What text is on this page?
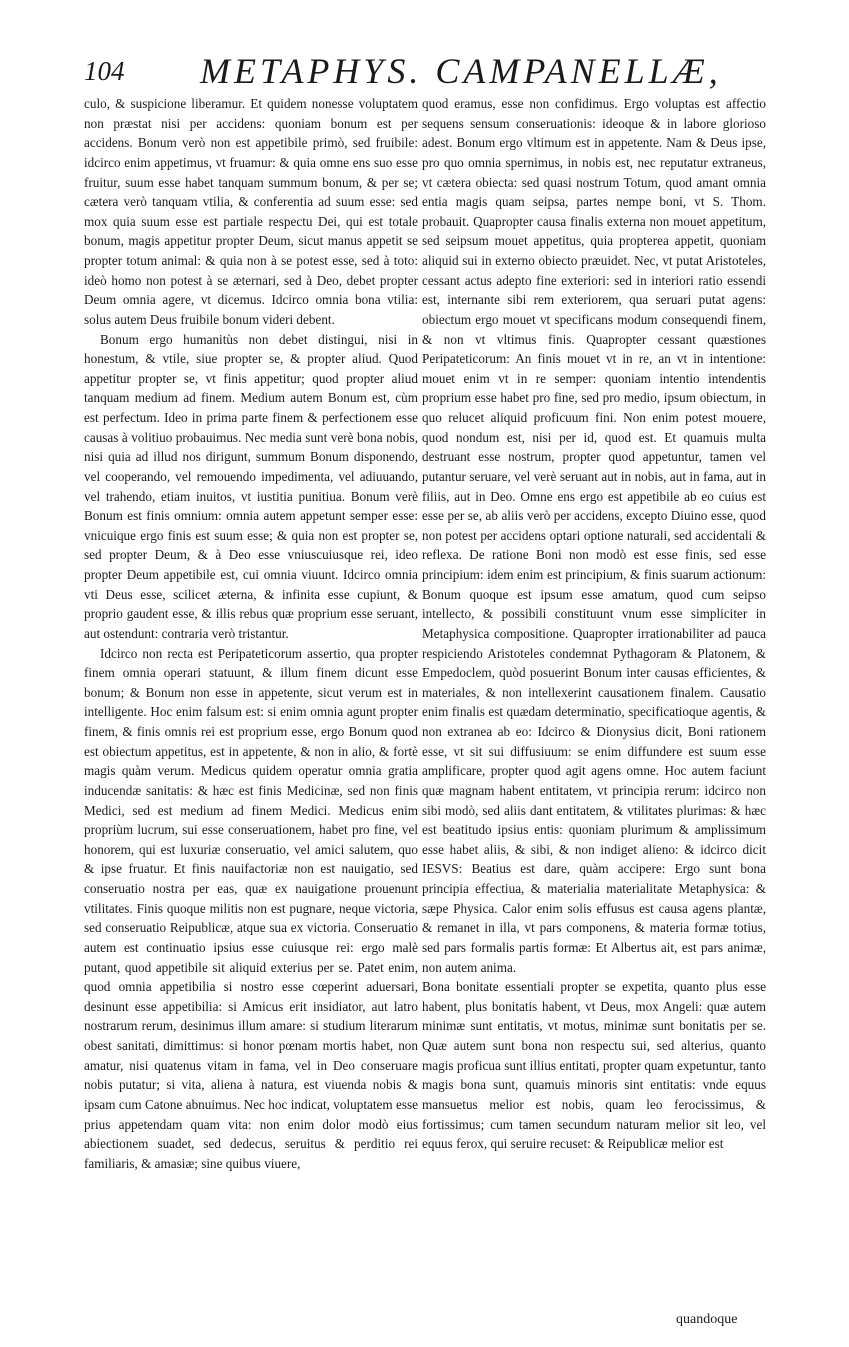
104 METAPHYS. CAMPANELLÆ,

culo, & suspicione liberamur. Et quidem nonesse voluptatem non præstat nisi per accidens: quoniam bonum est per accidens. Bonum verò non est appetibile primò, sed fruibile: idcirco enim appetimus, vt fruamur: & quia omne ens suo esse fruitur, suum esse habet tanquam summum bonum, & per se; cætera verò tanquam vtilia, & conferentia ad suum esse: sed mox quia suum esse est partiale respectu Dei, qui est totale bonum, magis appetitur propter Deum, sicut manus appetit se propter totum animal: & quia non à se potest esse, sed à toto: ideò homo non potest à se æternari, sed à Deo, debet propter Deum omnia agere, vt dicemus. Idcirco omnia bona vtilia: solus autem Deus fruibile bonum videri debent.

Bonum ergo humanitùs non debet distingui, nisi in honestum, & vtile, siue propter se, & propter aliud. Quod appetitur propter se, vt finis appetitur; quod propter aliud tanquam medium ad finem. Medium autem Bonum est, cùm est perfectum. Ideo in prima parte finem & perfectionem esse causas à volitiuo probauimus. Nec media sunt verè bona nobis, nisi quia ad illud nos dirigunt, summum Bonum disponendo, vel cooperando, vel remouendo impedimenta, vel adiuuando, vel trahendo, etiam inuitos, vt iustitia punitiua. Bonum verè Bonum est finis omnium: omnia autem appetunt semper esse: vnicuique ergo finis est suum esse; & quia non est propter se, sed propter Deum, & à Deo esse vniuscuiusque rei, ideo propter Deum appetibile est, cui omnia viuunt. Idcirco omnia vti Deus esse, scilicet æterna, & infinita esse cupiunt, & proprio gaudent esse, & illis rebus quæ proprium esse seruant, aut ostendunt: contraria verò tristantur.

Idcirco non recta est Peripateticorum assertio, qua propter finem omnia operari statuunt, & illum finem dicunt esse bonum; & Bonum non esse in appetente, sicut verum est in intelligente. Hoc enim falsum est: si enim omnia agunt propter finem, & finis omnis rei est proprium esse, ergo Bonum quod est obiectum appetitus, est in appetente, & non in alio, & fortè magis quàm verum. Medicus quidem operatur omnia gratia inducendæ sanitatis: & hæc est finis Medicinæ, sed non finis Medici, sed est medium ad finem Medici. Medicus enim propriùm lucrum, sui esse conseruationem, habet pro fine, vel honorem, qui est luxuriæ conseruatio, vel amici salutem, quo & ipse fruatur. Et finis nauifactoriæ non est nauigatio, sed conseruatio nostra per eas, quæ ex nauigatione prouenunt vtilitates. Finis quoque militis non est pugnare, neque victoria, sed conseruatio Reipublicæ, atque sua ex victoria. Conseruatio autem est continuatio ipsius esse cuiusque rei: ergo malè putant, quod appetibile sit aliquid exterius per se. Patet enim, quod omnia appetibilia si nostro esse cœperint aduersari, desinunt esse appetibilia: si Amicus erit insidiator, aut latro nostrarum rerum, desinimus illum amare: si studium literarum obest sanitati, dimittimus: si honor pœnam mortis habet, non amatur, nisi quatenus vitam in fama, vel in Deo conseruare nobis putatur; si vita, aliena à natura, est viuenda nobis & ipsam cum Catone abnuimus. Nec hoc indicat, voluptatem esse prius appetendam quam vita: non enim dolor modò eius abiectionem suadet, sed dedecus, seruitus & perditio rei familiaris, & amasiæ; sine quibus viuere,

quod eramus, esse non confidimus. Ergo voluptas est affectio sequens sensum conseruationis: ideoque & in labore glorioso adest. Bonum ergo vltimum est in appetente. Nam & Deus ipse, pro quo omnia spernimus, in nobis est, nec reputatur extraneus, vt cætera obiecta: sed quasi nostrum Totum, quod amant omnia entia magis quam seipsa, partes nempe boni, vt S. Thom. probauit. Quapropter causa finalis externa non mouet appetitum, sed seipsum mouet appetitus, quia propterea appetit, quoniam aliquid sui in externo obiecto præuidet. Nec, vt putat Aristoteles, cessant actus adepto fine exteriori: sed in interiori ratio essendi est, internante sibi rem exteriorem, qua seruari putat agens: obiectum ergo mouet vt specificans modum consequendi finem, & non vt vltimus finis. Quapropter cessant quæstiones Peripateticorum: An finis mouet vt in re, an vt in intentione: mouet enim vt in re semper: quoniam intentio intendentis proprium esse habet pro fine, sed pro medio, ipsum obiectum, in quo relucet aliquid proficuum fini. Non enim potest mouere, quod nondum est, nisi per id, quod est. Et quamuis multa destruant esse nostrum, propter quod appetuntur, tamen vel putantur seruare, vel verè seruant aut in nobis, aut in fama, aut in filiis, aut in Deo. Omne ens ergo est appetibile ab eo cuius est esse per se, ab aliis verò per accidens, excepto Diuino esse, quod non potest per accidens optari optione naturali, sed accidentali & reflexa. De ratione Boni non modò est esse finis, sed esse principium: idem enim est principium, & finis suarum actionum: Bonum quoque est ipsum esse amatum, quod cum seipso intellecto, & possibili constituunt vnum esse simpliciter in Metaphysica compositione. Quapropter irrationabiliter ad pauca respiciendo Aristoteles condemnat Pythagoram & Platonem, & Empedoclem, quòd posuerint Bonum inter causas efficientes, & materiales, & non intellexerint causationem finalem. Causatio enim finalis est quædam determinatio, specificatioque agentis, & non extranea ab eo: Idcirco & Dionysius dicit, Boni rationem esse, vt sit sui diffusiuum: se enim diffundere est suum esse amplificare, propter quod agit agens omne. Hoc autem faciunt quæ magnam habent entitatem, vt principia rerum: idcirco non sibi modò, sed aliis dant entitatem, & vtilitates plurimas: & hæc est beatitudo ipsius entis: quoniam plurimum & amplissimum esse habet aliis, & sibi, & non indiget alieno: & idcirco dicit IESVS: Beatius est dare, quàm accipere: Ergo sunt bona principia effectiua, & materialia materialitate Metaphysica: & sæpe Physica. Calor enim solis effusus est causa agens plantæ, & remanet in illa, vt pars componens, & materia formæ totius, sed pars formalis partis formæ: Et Albertus ait, est pars animæ, non autem anima.

Bona bonitate essentiali propter se expetita, quanto plus esse habent, plus bonitatis habent, vt Deus, mox Angeli: quæ autem minimæ sunt entitatis, vt motus, minimæ sunt bonitatis per se. Quæ autem sunt bona non respectu sui, sed alterius, quanto magis proficua sunt illius entitati, propter quam expetuntur, tanto magis bona sunt, quamuis minoris sint entitatis: vnde equus mansuetus melior est nobis, quam leo ferocissimus, & fortissimus; cum tamen secundum naturam melior sit leo, vel equus ferox, qui seruire recuset: & Reipublicæ melior est

quandoque
